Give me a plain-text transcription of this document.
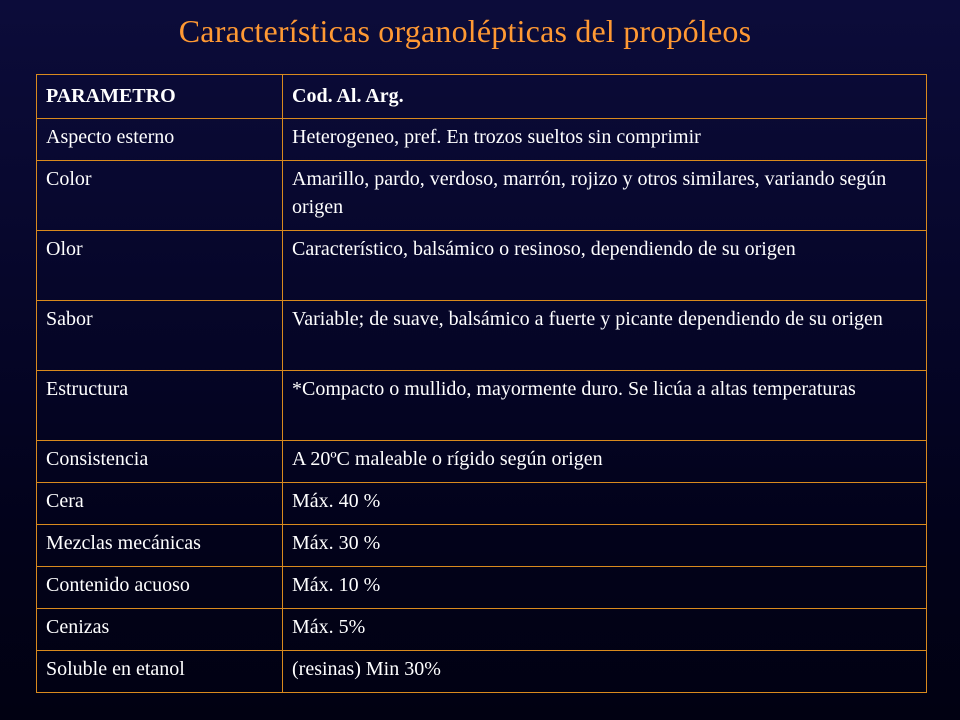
Características organolépticas del propóleos
PARAMETRO	Cod. Al. Arg.
Aspecto esterno	Heterogeneo, pref. En trozos sueltos sin comprimir
Color	Amarillo, pardo, verdoso, marrón, rojizo y otros similares, variando según origen
Olor	Característico, balsámico o resinoso, dependiendo de su origen
Sabor	Variable; de suave, balsámico a fuerte y picante dependiendo de su origen
Estructura	*Compacto o mullido, mayormente duro. Se licúa a altas temperaturas
Consistencia	A 20ºC maleable o rígido según origen
Cera	Máx. 40 %
Mezclas mecánicas	Máx. 30 %
Contenido acuoso	Máx. 10 %
Cenizas	Máx. 5%
Soluble en etanol	(resinas) Min 30%
